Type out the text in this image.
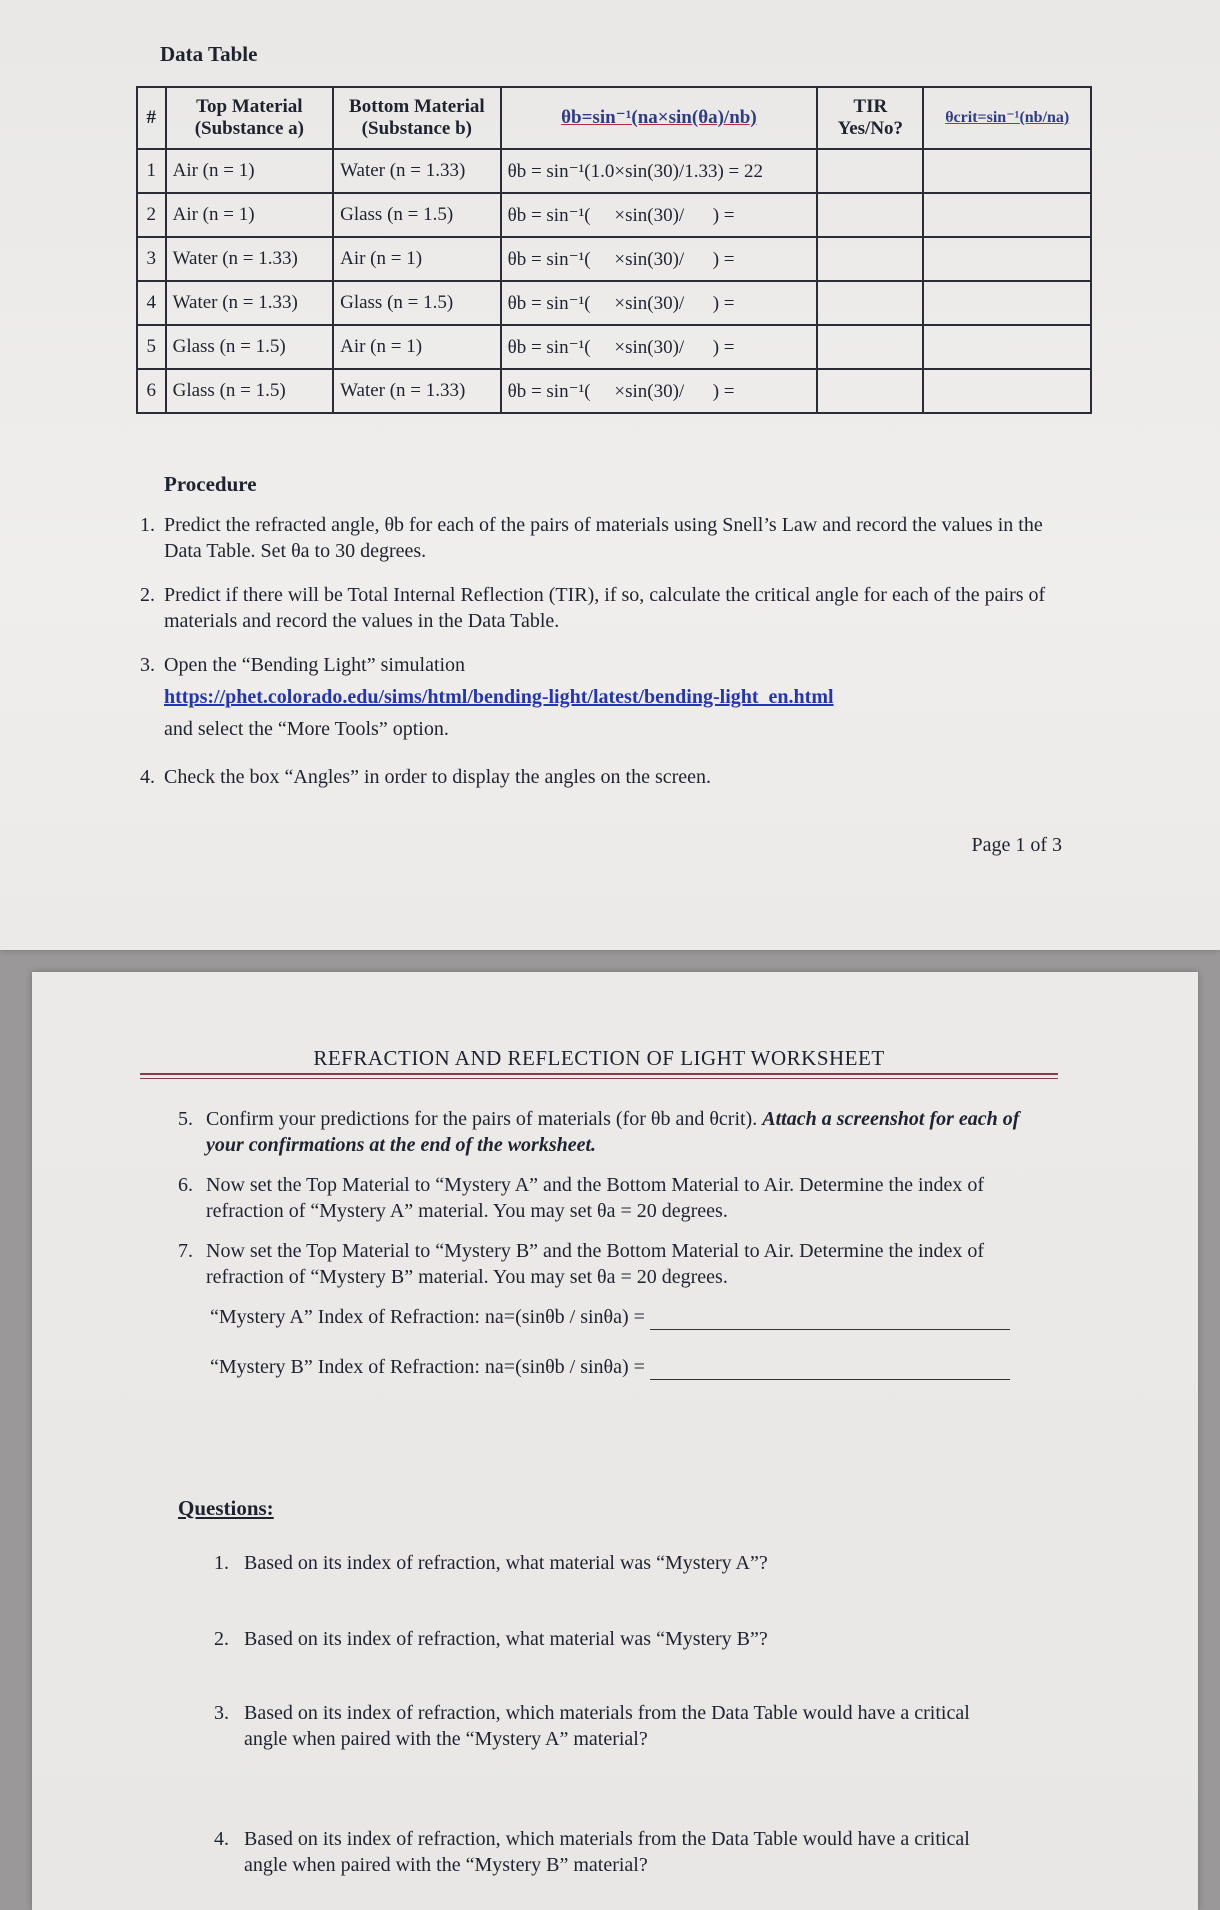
Data Table
#	Top Material (Substance a)	Bottom Material (Substance b)	θb=sin⁻¹(na×sin(θa)/nb)	TIR Yes/No?	θcrit=sin⁻¹(nb/na)
1	Air (n = 1)	Water (n = 1.33)	θb = sin⁻¹(1.0×sin(30)/1.33) = 22		
2	Air (n = 1)	Glass (n = 1.5)	θb = sin⁻¹(     ×sin(30)/      ) =		
3	Water (n = 1.33)	Air (n = 1)	θb = sin⁻¹(     ×sin(30)/      ) =		
4	Water (n = 1.33)	Glass (n = 1.5)	θb = sin⁻¹(     ×sin(30)/      ) =		
5	Glass (n = 1.5)	Air (n = 1)	θb = sin⁻¹(     ×sin(30)/      ) =		
6	Glass (n = 1.5)	Water (n = 1.33)	θb = sin⁻¹(     ×sin(30)/      ) =		
Procedure
1. Predict the refracted angle, θb for each of the pairs of materials using Snell’s Law and record the values in the Data Table. Set θa to 30 degrees.
2. Predict if there will be Total Internal Reflection (TIR), if so, calculate the critical angle for each of the pairs of materials and record the values in the Data Table.
3. Open the “Bending Light” simulation
https://phet.colorado.edu/sims/html/bending-light/latest/bending-light_en.html
and select the “More Tools” option.
4. Check the box “Angles” in order to display the angles on the screen.
Page 1 of 3
REFRACTION AND REFLECTION OF LIGHT WORKSHEET
5. Confirm your predictions for the pairs of materials (for θb and θcrit). Attach a screenshot for each of your confirmations at the end of the worksheet.
6. Now set the Top Material to “Mystery A” and the Bottom Material to Air. Determine the index of refraction of “Mystery A” material. You may set θa = 20 degrees.
7. Now set the Top Material to “Mystery B” and the Bottom Material to Air. Determine the index of refraction of “Mystery B” material. You may set θa = 20 degrees.
“Mystery A” Index of Refraction: na=(sinθb / sinθa) =
“Mystery B” Index of Refraction: na=(sinθb / sinθa) =
Questions:
1. Based on its index of refraction, what material was “Mystery A”?
2. Based on its index of refraction, what material was “Mystery B”?
3. Based on its index of refraction, which materials from the Data Table would have a critical angle when paired with the “Mystery A” material?
4. Based on its index of refraction, which materials from the Data Table would have a critical angle when paired with the “Mystery B” material?
